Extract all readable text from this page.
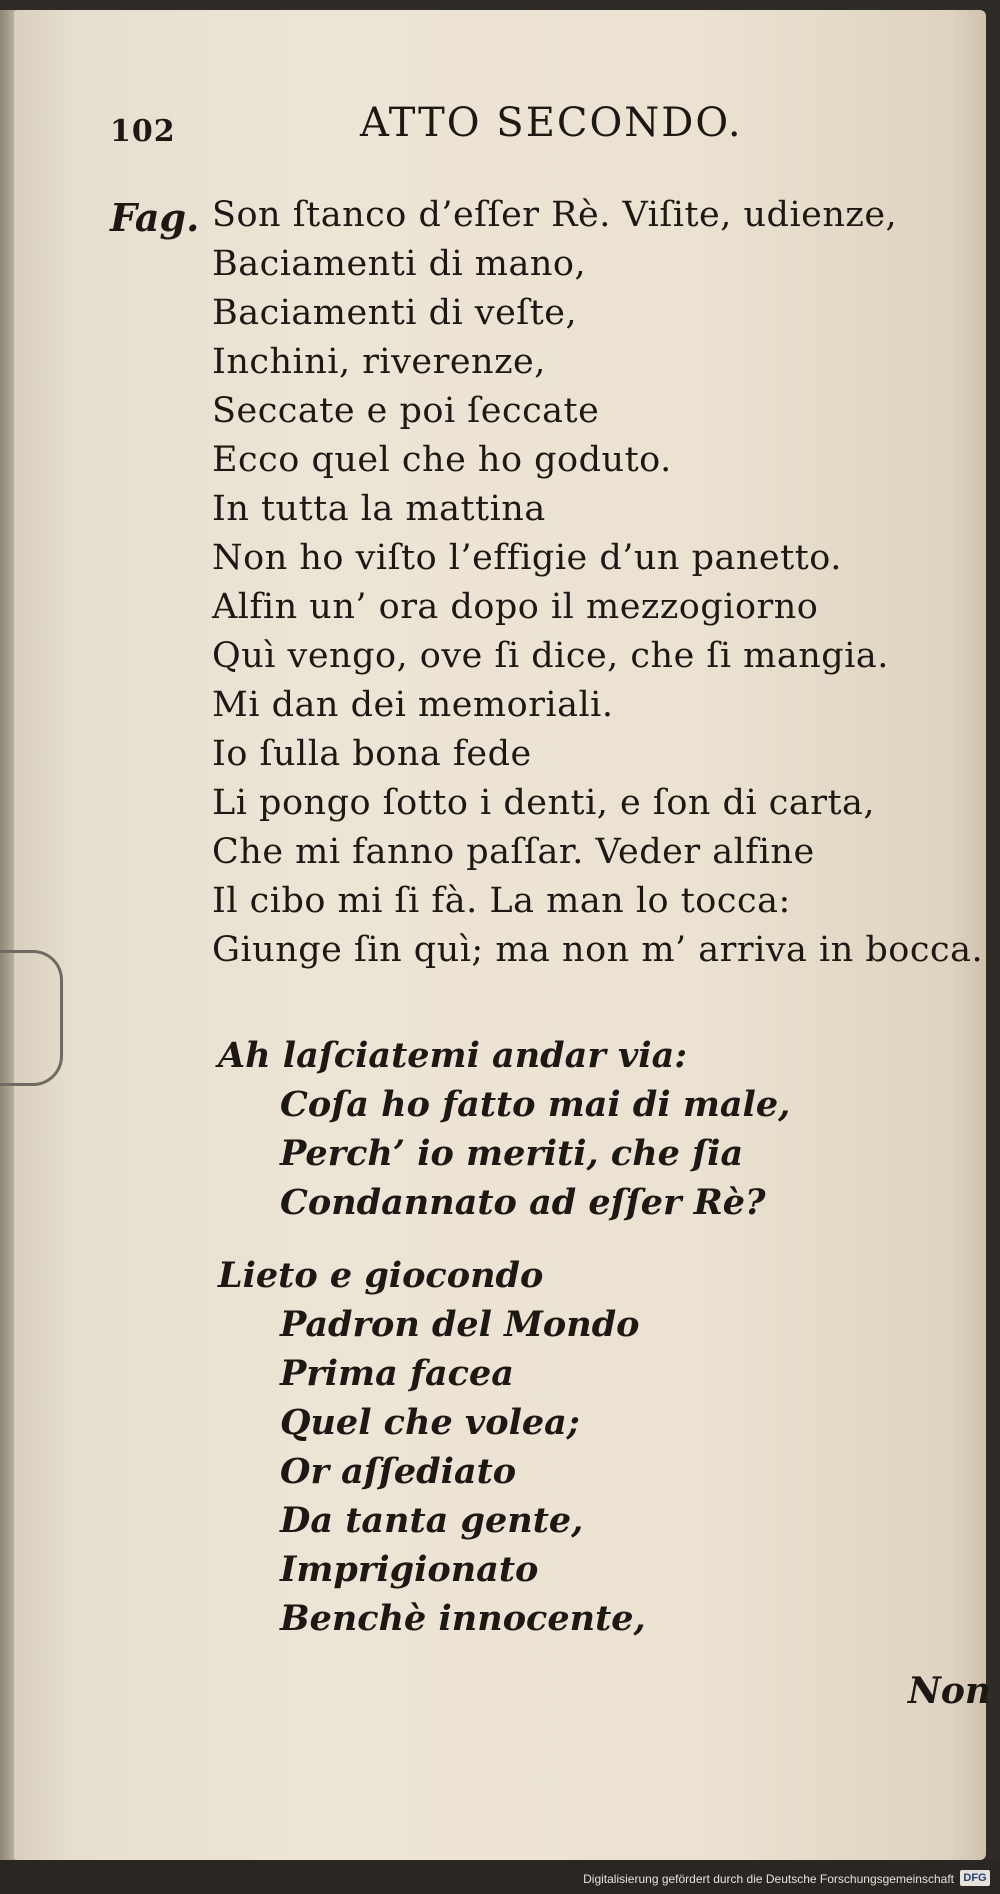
102	ATTO SECONDO.
Fag. Son ſtanco d’eſſer Rè. Viſite, udienze,
Baciamenti di mano,
Baciamenti di veſte,
Inchini, riverenze,
Seccate e poi ſeccate
Ecco quel che ho goduto.
In tutta la mattina
Non ho viſto l’effigie d’un panetto.
Alfin un’ ora dopo il mezzogiorno
Quì vengo, ove ſi dice, che ſi mangia.
Mi dan dei memoriali.
Io ſulla bona fede
Li pongo ſotto i denti, e ſon di carta,
Che mi fanno paſſar. Veder alfine
Il cibo mi ſi fà. La man lo tocca:
Giunge ſin quì; ma non m’ arriva in bocca.
Ah laſciatemi andar via:
Coſa ho fatto mai di male,
Perch’ io meriti, che ſia
Condannato ad eſſer Rè?
Lieto e giocondo
Padron del Mondo
Prima facea
Quel che volea;
Or aſſediato
Da tanta gente,
Imprigionato
Benchè innocente,
Non
Digitalisierung gefördert durch die Deutsche Forschungsgemeinschaft DFG
